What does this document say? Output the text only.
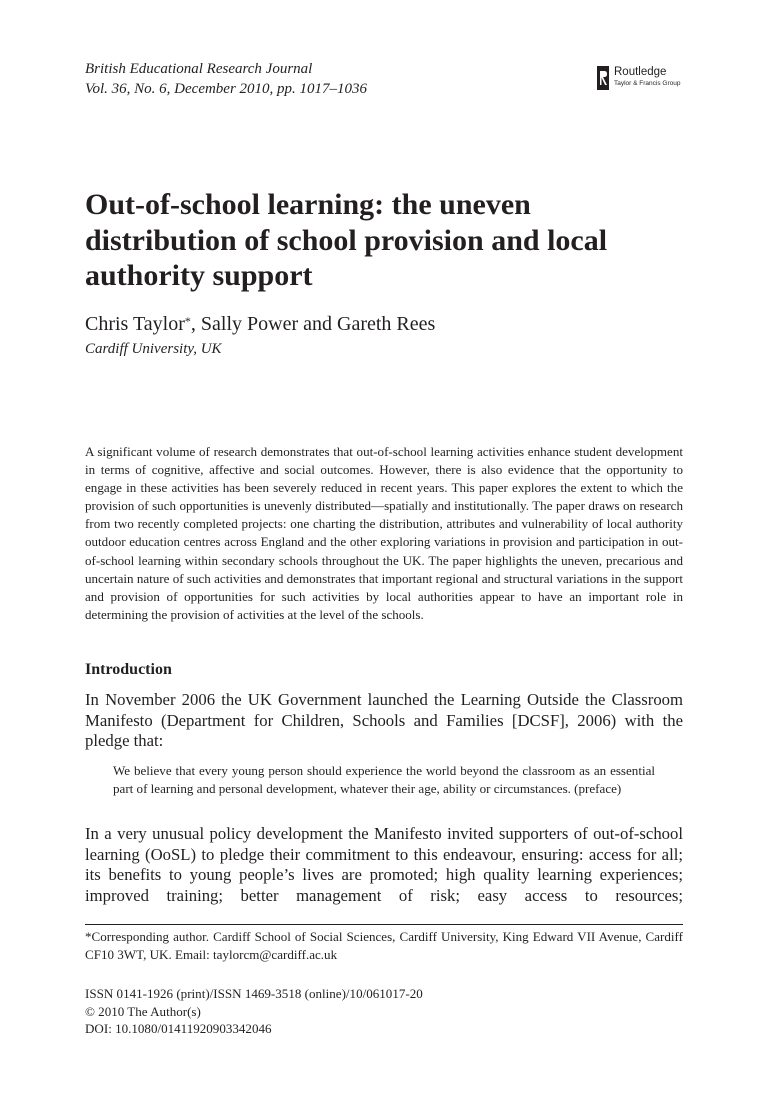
British Educational Research Journal
Vol. 36, No. 6, December 2010, pp. 1017–1036
Routledge
Taylor & Francis Group
Out-of-school learning: the uneven distribution of school provision and local authority support
Chris Taylor*, Sally Power and Gareth Rees
Cardiff University, UK

A significant volume of research demonstrates that out-of-school learning activities enhance student development in terms of cognitive, affective and social outcomes. However, there is also evidence that the opportunity to engage in these activities has been severely reduced in recent years. This paper explores the extent to which the provision of such opportunities is unevenly distributed—spatially and institutionally. The paper draws on research from two recently completed projects: one charting the distribution, attributes and vulnerability of local authority outdoor education centres across England and the other exploring variations in provision and participation in out-of-school learning within secondary schools throughout the UK. The paper highlights the uneven, precarious and uncertain nature of such activities and demonstrates that important regional and structural variations in the support and provision of opportunities for such activities by local authorities appear to have an important role in determining the provision of activities at the level of the schools.

Introduction

In November 2006 the UK Government launched the Learning Outside the Classroom Manifesto (Department for Children, Schools and Families [DCSF], 2006) with the pledge that:

We believe that every young person should experience the world beyond the classroom as an essential part of learning and personal development, whatever their age, ability or circumstances. (preface)

In a very unusual policy development the Manifesto invited supporters of out-of-school learning (OoSL) to pledge their commitment to this endeavour, ensuring: access for all; its benefits to young people’s lives are promoted; high quality learning experiences; improved training; better management of risk; easy access to resources;

*Corresponding author. Cardiff School of Social Sciences, Cardiff University, King Edward VII Avenue, Cardiff CF10 3WT, UK. Email: taylorcm@cardiff.ac.uk

ISSN 0141-1926 (print)/ISSN 1469-3518 (online)/10/061017-20
© 2010 The Author(s)
DOI: 10.1080/01411920903342046
